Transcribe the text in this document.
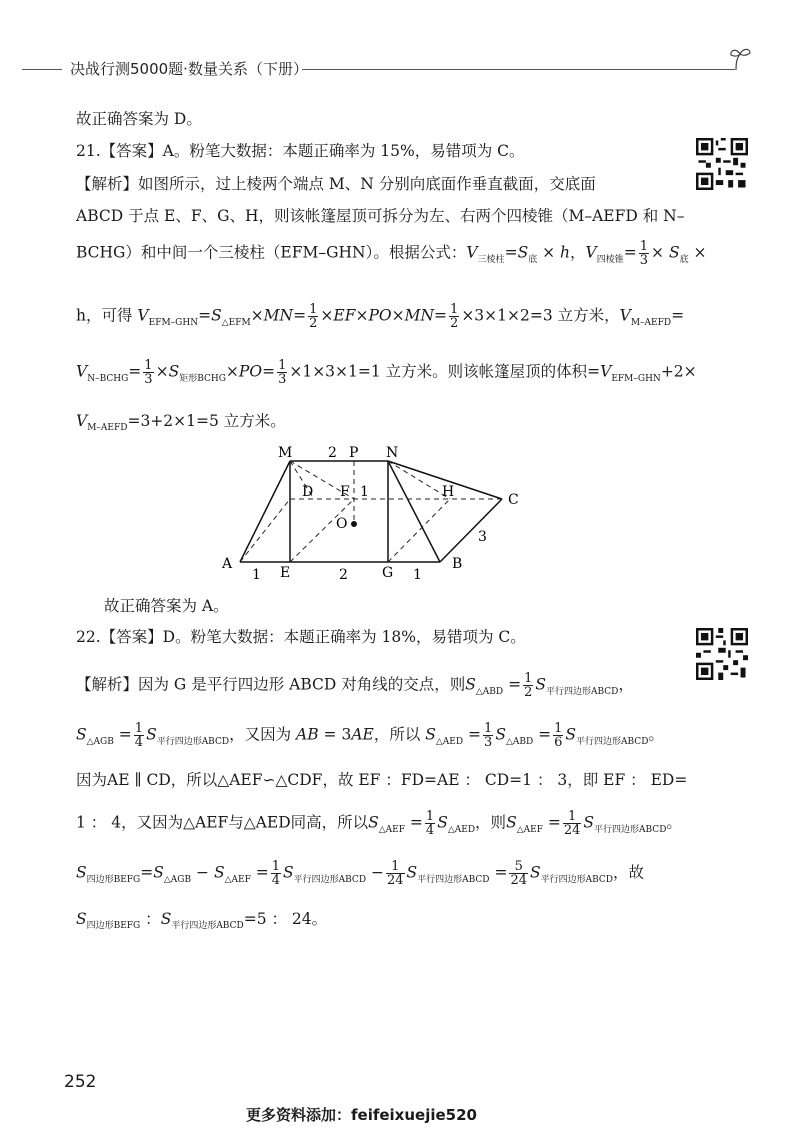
决战行测5000题·数量关系（下册）
故正确答案为 D。
21.【答案】A。粉笔大数据：本题正确率为 15%，易错项为 C。
【解析】如图所示，过上棱两个端点 M、N 分别向底面作垂直截面，交底面
ABCD 于点 E、F、G、H，则该帐篷屋顶可拆分为左、右两个四棱锥（M–AEFD 和 N–
BCHG）和中间一个三棱柱（EFM–GHN）。根据公式：$V_{三棱柱}=S_底 \times h$，$V_{四棱锥}= \frac{1}{3} \times S_底$ ×
h，可得 $V_{EFM-GHN}=S_{\triangle EFM}\times MN= \frac{1}{2} \times EF\times PO\times MN= \frac{1}{2} \times 3\times 1\times 2=3$ 立方米，$V_{M-AEFD}=$
$V_{N-BCHG}= \frac{1}{3} \times S_{矩形BCHG}\times PO= \frac{1}{3} \times 1\times 3\times 1=1$ 立方米。则该帐篷屋顶的体积$=V_{EFM-GHN}+2\times$
$V_{M-AEFD}=3+2\times 1=5$ 立方米。
M	P N
D F	H	C
O
A
E	G
B
2
1
3
1	2	1
故正确答案为 A。
22.【答案】D。粉笔大数据：本题正确率为 18%，易错项为 C。
【解析】因为 G 是平行四边形 ABCD 对角线的交点，则$S_{\triangle ABD} = \frac{1}{2} S_{平行四边形ABCD}$，
$S_{\triangle AGB} = \frac{1}{4} S_{平行四边形ABCD}$，又因为 AB = 3AE，所以 $S_{\triangle AED} = \frac{1}{3} S_{\triangle ABD} = \frac{1}{6} S_{平行四边形ABCD}$。
因为AE ∥ CD，所以△AEF∽△CDF，故 EF ：FD=AE ： CD=1 ： 3，即 EF ： ED=
1 ： 4，又因为△AEF与△AED同高，所以$S_{\triangle AEF} = \frac{1}{4} S_{\triangle AED}$，则$S_{\triangle AEF} = \frac{1}{24} S_{平行四边形ABCD}$。
$S_{四边形BEFG}=S_{\triangle AGB} - S_{\triangle AEF} = \frac{1}{4} S_{平行四边形ABCD} - \frac{1}{24} S_{平行四边形ABCD} = \frac{5}{24} S_{平行四边形ABCD}$，故
$S_{四边形BEFG}$ ：$S_{平行四边形ABCD}=5$ ： 24。
252
更多资料添加：feifeixuejie520
